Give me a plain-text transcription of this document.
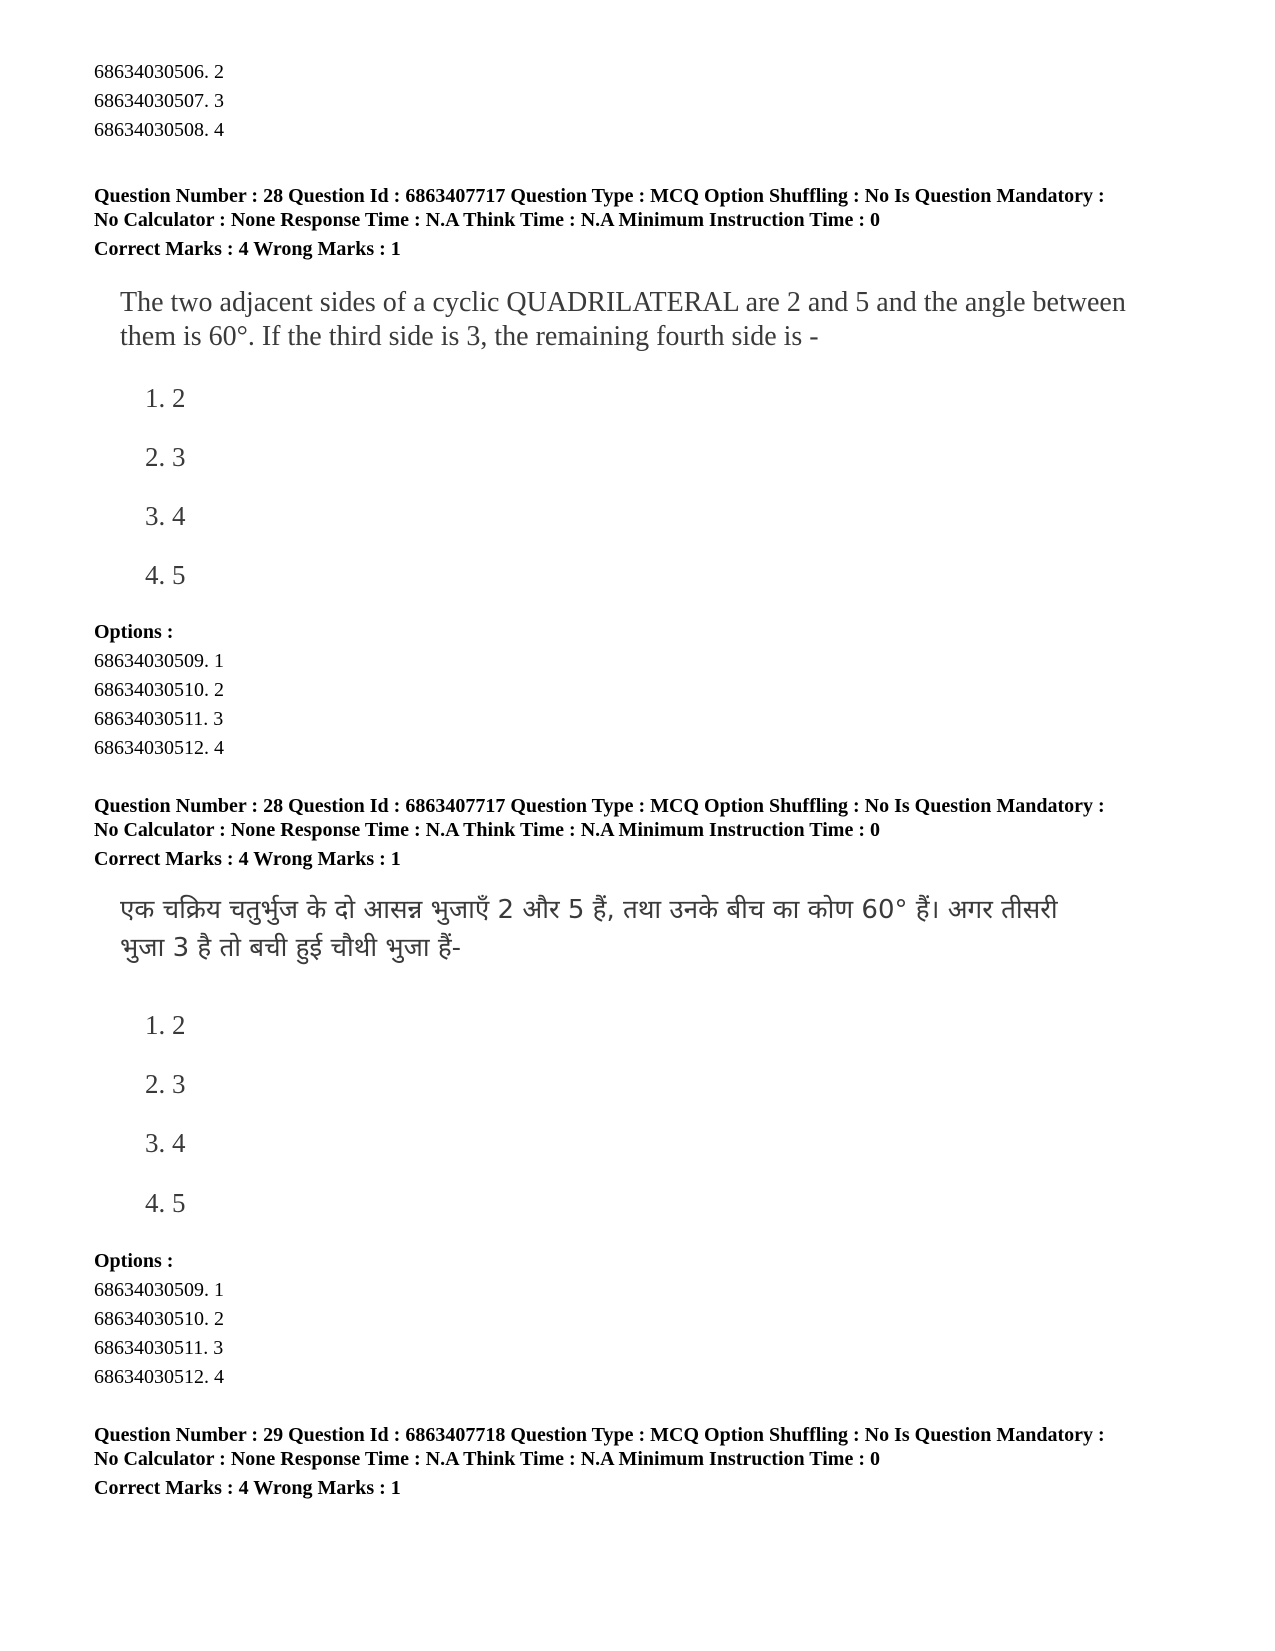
68634030506. 2
68634030507. 3
68634030508. 4
Question Number : 28 Question Id : 6863407717 Question Type : MCQ Option Shuffling : No Is Question Mandatory :
No Calculator : None Response Time : N.A Think Time : N.A Minimum Instruction Time : 0
Correct Marks : 4 Wrong Marks : 1
The two adjacent sides of a cyclic QUADRILATERAL are 2 and 5 and the angle between
them is 60°. If the third side is 3, the remaining fourth side is -
1. 2
2. 3
3. 4
4. 5
Options :
68634030509. 1
68634030510. 2
68634030511. 3
68634030512. 4
Question Number : 28 Question Id : 6863407717 Question Type : MCQ Option Shuffling : No Is Question Mandatory :
No Calculator : None Response Time : N.A Think Time : N.A Minimum Instruction Time : 0
Correct Marks : 4 Wrong Marks : 1
एक चक्रिय चतुर्भुज के दो आसन्न भुजाएँ 2 और 5 हैं, तथा उनके बीच का कोण 60° हैं। अगर तीसरी
भुजा 3 है तो बची हुई चौथी भुजा हैं-
1. 2
2. 3
3. 4
4. 5
Options :
68634030509. 1
68634030510. 2
68634030511. 3
68634030512. 4
Question Number : 29 Question Id : 6863407718 Question Type : MCQ Option Shuffling : No Is Question Mandatory :
No Calculator : None Response Time : N.A Think Time : N.A Minimum Instruction Time : 0
Correct Marks : 4 Wrong Marks : 1
